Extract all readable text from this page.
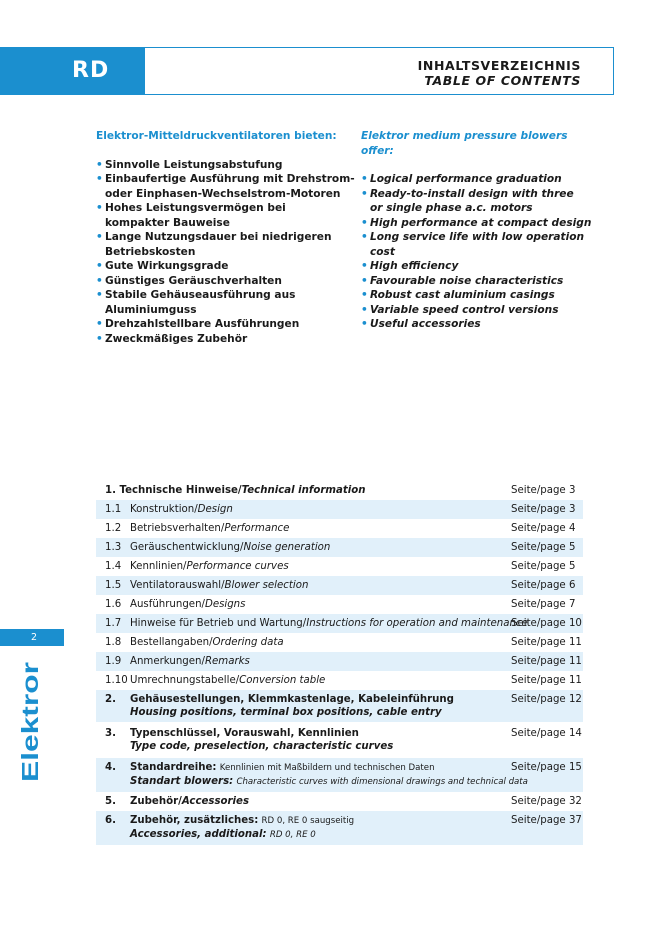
RD	INHALTSVERZEICHNIS
TABLE OF CONTENTS
Elektror-Mitteldruckventilatoren bieten:
• Sinnvolle Leistungsabstufung
• Einbaufertige Ausführung mit Drehstrom-
oder Einphasen-Wechselstrom-Motoren
• Hohes Leistungsvermögen bei
kompakter Bauweise
• Lange Nutzungsdauer bei niedrigeren
Betriebskosten
• Gute Wirkungsgrade
• Günstiges Geräuschverhalten
• Stabile Gehäuseausführung aus Aluminiumguss
• Drehzahlstellbare Ausführungen
• Zweckmäßiges Zubehör
Elektror medium pressure blowers offer:
• Logical performance graduation
• Ready-to-install design with three
or single phase a.c. motors
• High performance at compact design
• Long service life with low operation cost
• High efficiency
• Favourable noise characteristics
• Robust cast aluminium casings
• Variable speed control versions
• Useful accessories
1. Technische Hinweise/Technical information	Seite/page 3
1.1 Konstruktion/Design	Seite/page 3
1.2 Betriebsverhalten/Performance	Seite/page 4
1.3 Geräuschentwicklung/Noise generation	Seite/page 5
1.4 Kennlinien/Performance curves	Seite/page 5
1.5 Ventilatorauswahl/Blower selection	Seite/page 6
1.6 Ausführungen/Designs	Seite/page 7
1.7 Hinweise für Betrieb und Wartung/Instructions for operation and maintenance
Seite/page 10
1.8 Bestellangaben/Ordering data	Seite/page 11
1.9 Anmerkungen/Remarks	Seite/page 11
1.10 Umrechnungstabelle/Conversion table	Seite/page 11
2. Gehäusestellungen, Klemmkastenlage, Kabeleinführung
Housing positions, terminal box positions, cable entry
Seite/page 12
3. Typenschlüssel, Vorauswahl, Kennlinien
Type code, preselection, characteristic curves
Seite/page 14
4. Standardreihe: Kennlinien mit Maßbildern und technischen Daten
Standart blowers: Characteristic curves with dimensional drawings and technical data
Seite/page 15
5. Zubehör/Accessories	Seite/page 32
6. Zubehör, zusätzliches: RD 0, RE 0 saugseitig
Accessories, additional: RD 0, RE 0
Seite/page 37
2
Elektror
